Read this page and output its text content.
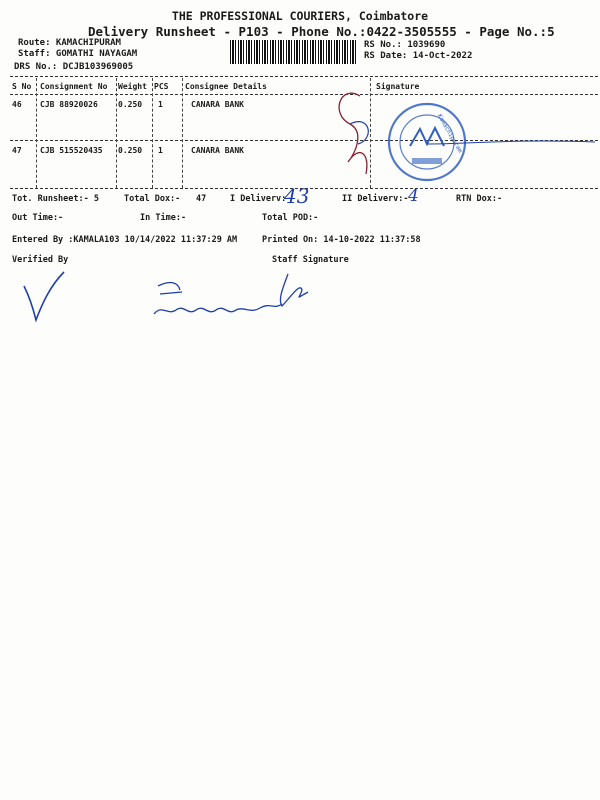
THE PROFESSIONAL COURIERS, Coimbatore
Delivery Runsheet - P103 - Phone No.:0422-3505555 - Page No.:5
Route: KAMACHIPURAM
Staff: GOMATHI NAYAGAM
DRS No.: DCJB103969005
RS No.: 1039690
RS Date: 14-Oct-2022
S No Consignment No Weight PCS Consignee Details	Signature
46 CJB 88920026	0.250 1	CANARA BANK
47 CJB 515520435 0.250 1	CANARA BANK	Kamachipuram
Tot. Runsheet:- 5	Total Dox:- 47	I Deliverv:-
43	II Deliverv:- 4	RTN Dox:-
Out Time:-	In Time:-	Total POD:-
Entered By :KAMALA103 10/14/2022 11:37:29 AM	Printed On: 14-10-2022 11:37:58
Verified By	Staff Signature
